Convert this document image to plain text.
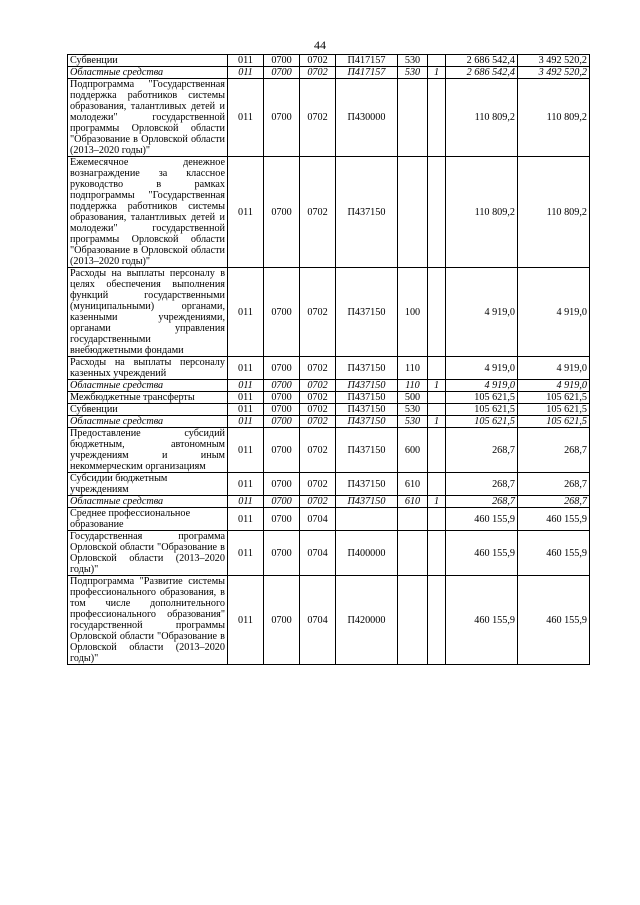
44
Субвенции	011	0700	0702	П417157	530		2 686 542,4	3 492 520,2
Областные средства	011	0700	0702	П417157	530	1	2 686 542,4	3 492 520,2
Подпрограмма "Государственная поддержка работников системы образования, талантливых детей и молодежи" государственной программы Орловской области "Образование в Орловской области (2013–2020 годы)"	011	0700	0702	П430000			110 809,2	110 809,2
Ежемесячное денежное вознаграждение за классное руководство в рамках подпрограммы "Государственная поддержка работников системы образования, талантливых детей и молодежи" государственной программы Орловской области "Образование в Орловской области (2013–2020 годы)"	011	0700	0702	П437150			110 809,2	110 809,2
Расходы на выплаты персоналу в целях обеспечения выполнения функций государственными (муниципальными) органами, казенными учреждениями, органами управления государственными внебюджетными фондами	011	0700	0702	П437150	100		4 919,0	4 919,0
Расходы на выплаты персоналу казенных учреждений	011	0700	0702	П437150	110		4 919,0	4 919,0
Областные средства	011	0700	0702	П437150	110	1	4 919,0	4 919,0
Межбюджетные трансферты	011	0700	0702	П437150	500		105 621,5	105 621,5
Субвенции	011	0700	0702	П437150	530		105 621,5	105 621,5
Областные средства	011	0700	0702	П437150	530	1	105 621,5	105 621,5
Предоставление субсидий бюджетным, автономным учреждениям и иным некоммерческим организациям	011	0700	0702	П437150	600		268,7	268,7
Субсидии бюджетным учреждениям	011	0700	0702	П437150	610		268,7	268,7
Областные средства	011	0700	0702	П437150	610	1	268,7	268,7
Среднее профессиональное образование	011	0700	0704				460 155,9	460 155,9
Государственная программа Орловской области "Образование в Орловской области (2013–2020 годы)"	011	0700	0704	П400000			460 155,9	460 155,9
Подпрограмма "Развитие системы профессионального образования, в том числе дополнительного профессионального образования" государственной программы Орловской области "Образование в Орловской области (2013–2020 годы)"	011	0700	0704	П420000			460 155,9	460 155,9
